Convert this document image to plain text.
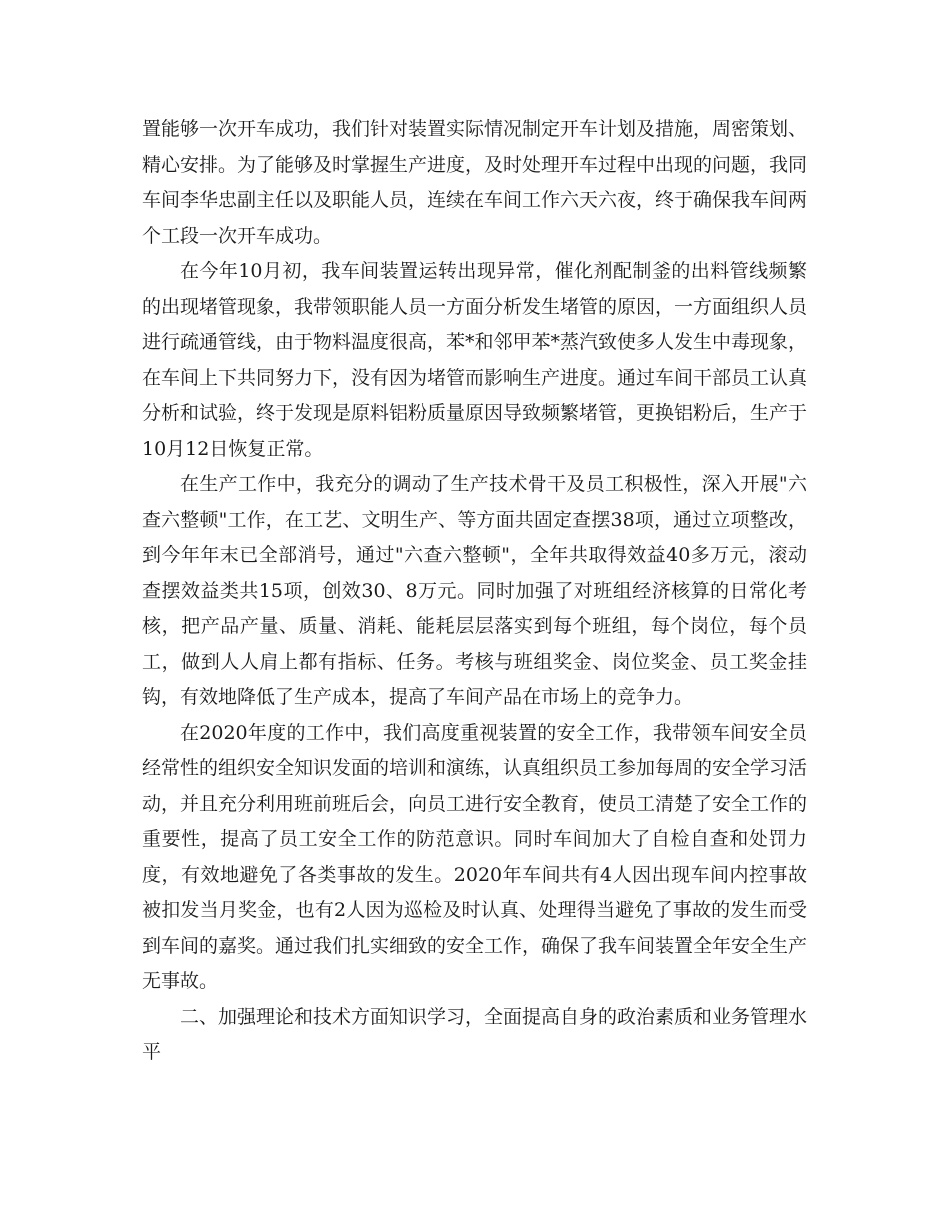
置能够一次开车成功，我们针对装置实际情况制定开车计划及措施，周密策划、精心安排。为了能够及时掌握生产进度，及时处理开车过程中出现的问题，我同车间李华忠副主任以及职能人员，连续在车间工作六天六夜，终于确保我车间两个工段一次开车成功。

在今年10月初，我车间装置运转出现异常，催化剂配制釜的出料管线频繁的出现堵管现象，我带领职能人员一方面分析发生堵管的原因，一方面组织人员进行疏通管线，由于物料温度很高，苯*和邻甲苯*蒸汽致使多人发生中毒现象，在车间上下共同努力下，没有因为堵管而影响生产进度。通过车间干部员工认真分析和试验，终于发现是原料铝粉质量原因导致频繁堵管，更换铝粉后，生产于10月12日恢复正常。

在生产工作中，我充分的调动了生产技术骨干及员工积极性，深入开展"六查六整顿"工作，在工艺、文明生产、等方面共固定查摆38项，通过立项整改，到今年年末已全部消号，通过"六查六整顿"，全年共取得效益40多万元，滚动查摆效益类共15项，创效30、8万元。同时加强了对班组经济核算的日常化考核，把产品产量、质量、消耗、能耗层层落实到每个班组，每个岗位，每个员工，做到人人肩上都有指标、任务。考核与班组奖金、岗位奖金、员工奖金挂钩，有效地降低了生产成本，提高了车间产品在市场上的竞争力。

在2020年度的工作中，我们高度重视装置的安全工作，我带领车间安全员经常性的组织安全知识发面的培训和演练，认真组织员工参加每周的安全学习活动，并且充分利用班前班后会，向员工进行安全教育，使员工清楚了安全工作的重要性，提高了员工安全工作的防范意识。同时车间加大了自检自查和处罚力度，有效地避免了各类事故的发生。2020年车间共有4人因出现车间内控事故被扣发当月奖金，也有2人因为巡检及时认真、处理得当避免了事故的发生而受到车间的嘉奖。通过我们扎实细致的安全工作，确保了我车间装置全年安全生产无事故。

二、加强理论和技术方面知识学习，全面提高自身的政治素质和业务管理水平
